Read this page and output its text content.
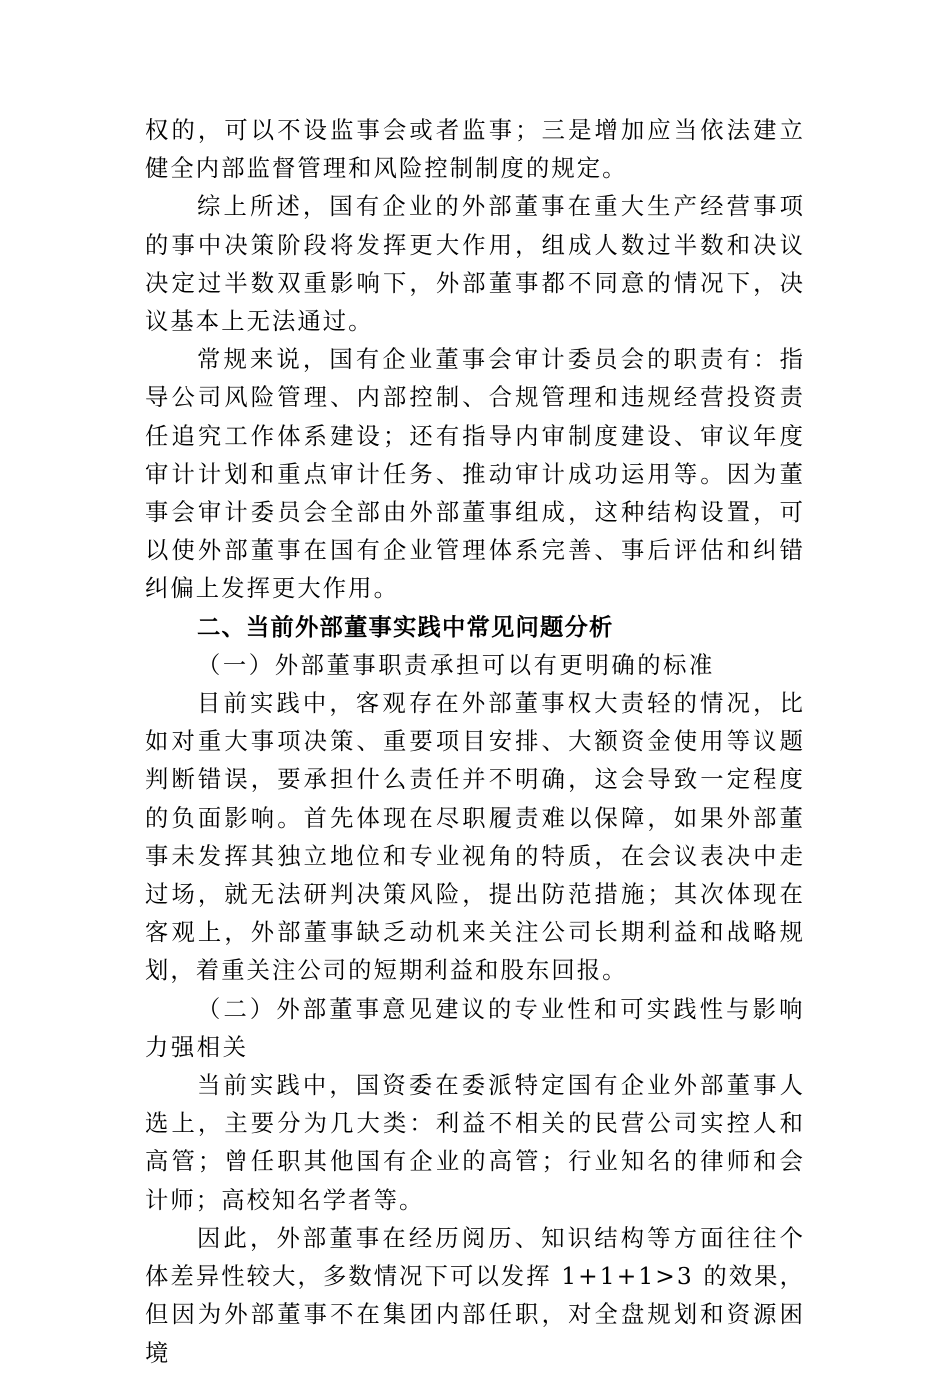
权的，可以不设监事会或者监事；三是增加应当依法建立健全内部监督管理和风险控制制度的规定。

综上所述，国有企业的外部董事在重大生产经营事项的事中决策阶段将发挥更大作用，组成人数过半数和决议决定过半数双重影响下，外部董事都不同意的情况下，决议基本上无法通过。

常规来说，国有企业董事会审计委员会的职责有：指导公司风险管理、内部控制、合规管理和违规经营投资责任追究工作体系建设；还有指导内审制度建设、审议年度审计计划和重点审计任务、推动审计成功运用等。因为董事会审计委员会全部由外部董事组成，这种结构设置，可以使外部董事在国有企业管理体系完善、事后评估和纠错纠偏上发挥更大作用。

二、当前外部董事实践中常见问题分析

（一）外部董事职责承担可以有更明确的标准

目前实践中，客观存在外部董事权大责轻的情况，比如对重大事项决策、重要项目安排、大额资金使用等议题判断错误，要承担什么责任并不明确，这会导致一定程度的负面影响。首先体现在尽职履责难以保障，如果外部董事未发挥其独立地位和专业视角的特质，在会议表决中走过场，就无法研判决策风险，提出防范措施；其次体现在客观上，外部董事缺乏动机来关注公司长期利益和战略规划，着重关注公司的短期利益和股东回报。

（二）外部董事意见建议的专业性和可实践性与影响力强相关

当前实践中，国资委在委派特定国有企业外部董事人选上，主要分为几大类：利益不相关的民营公司实控人和高管；曾任职其他国有企业的高管；行业知名的律师和会计师；高校知名学者等。

因此，外部董事在经历阅历、知识结构等方面往往个体差异性较大，多数情况下可以发挥 1+1+1>3 的效果，但因为外部董事不在集团内部任职，对全盘规划和资源困境
